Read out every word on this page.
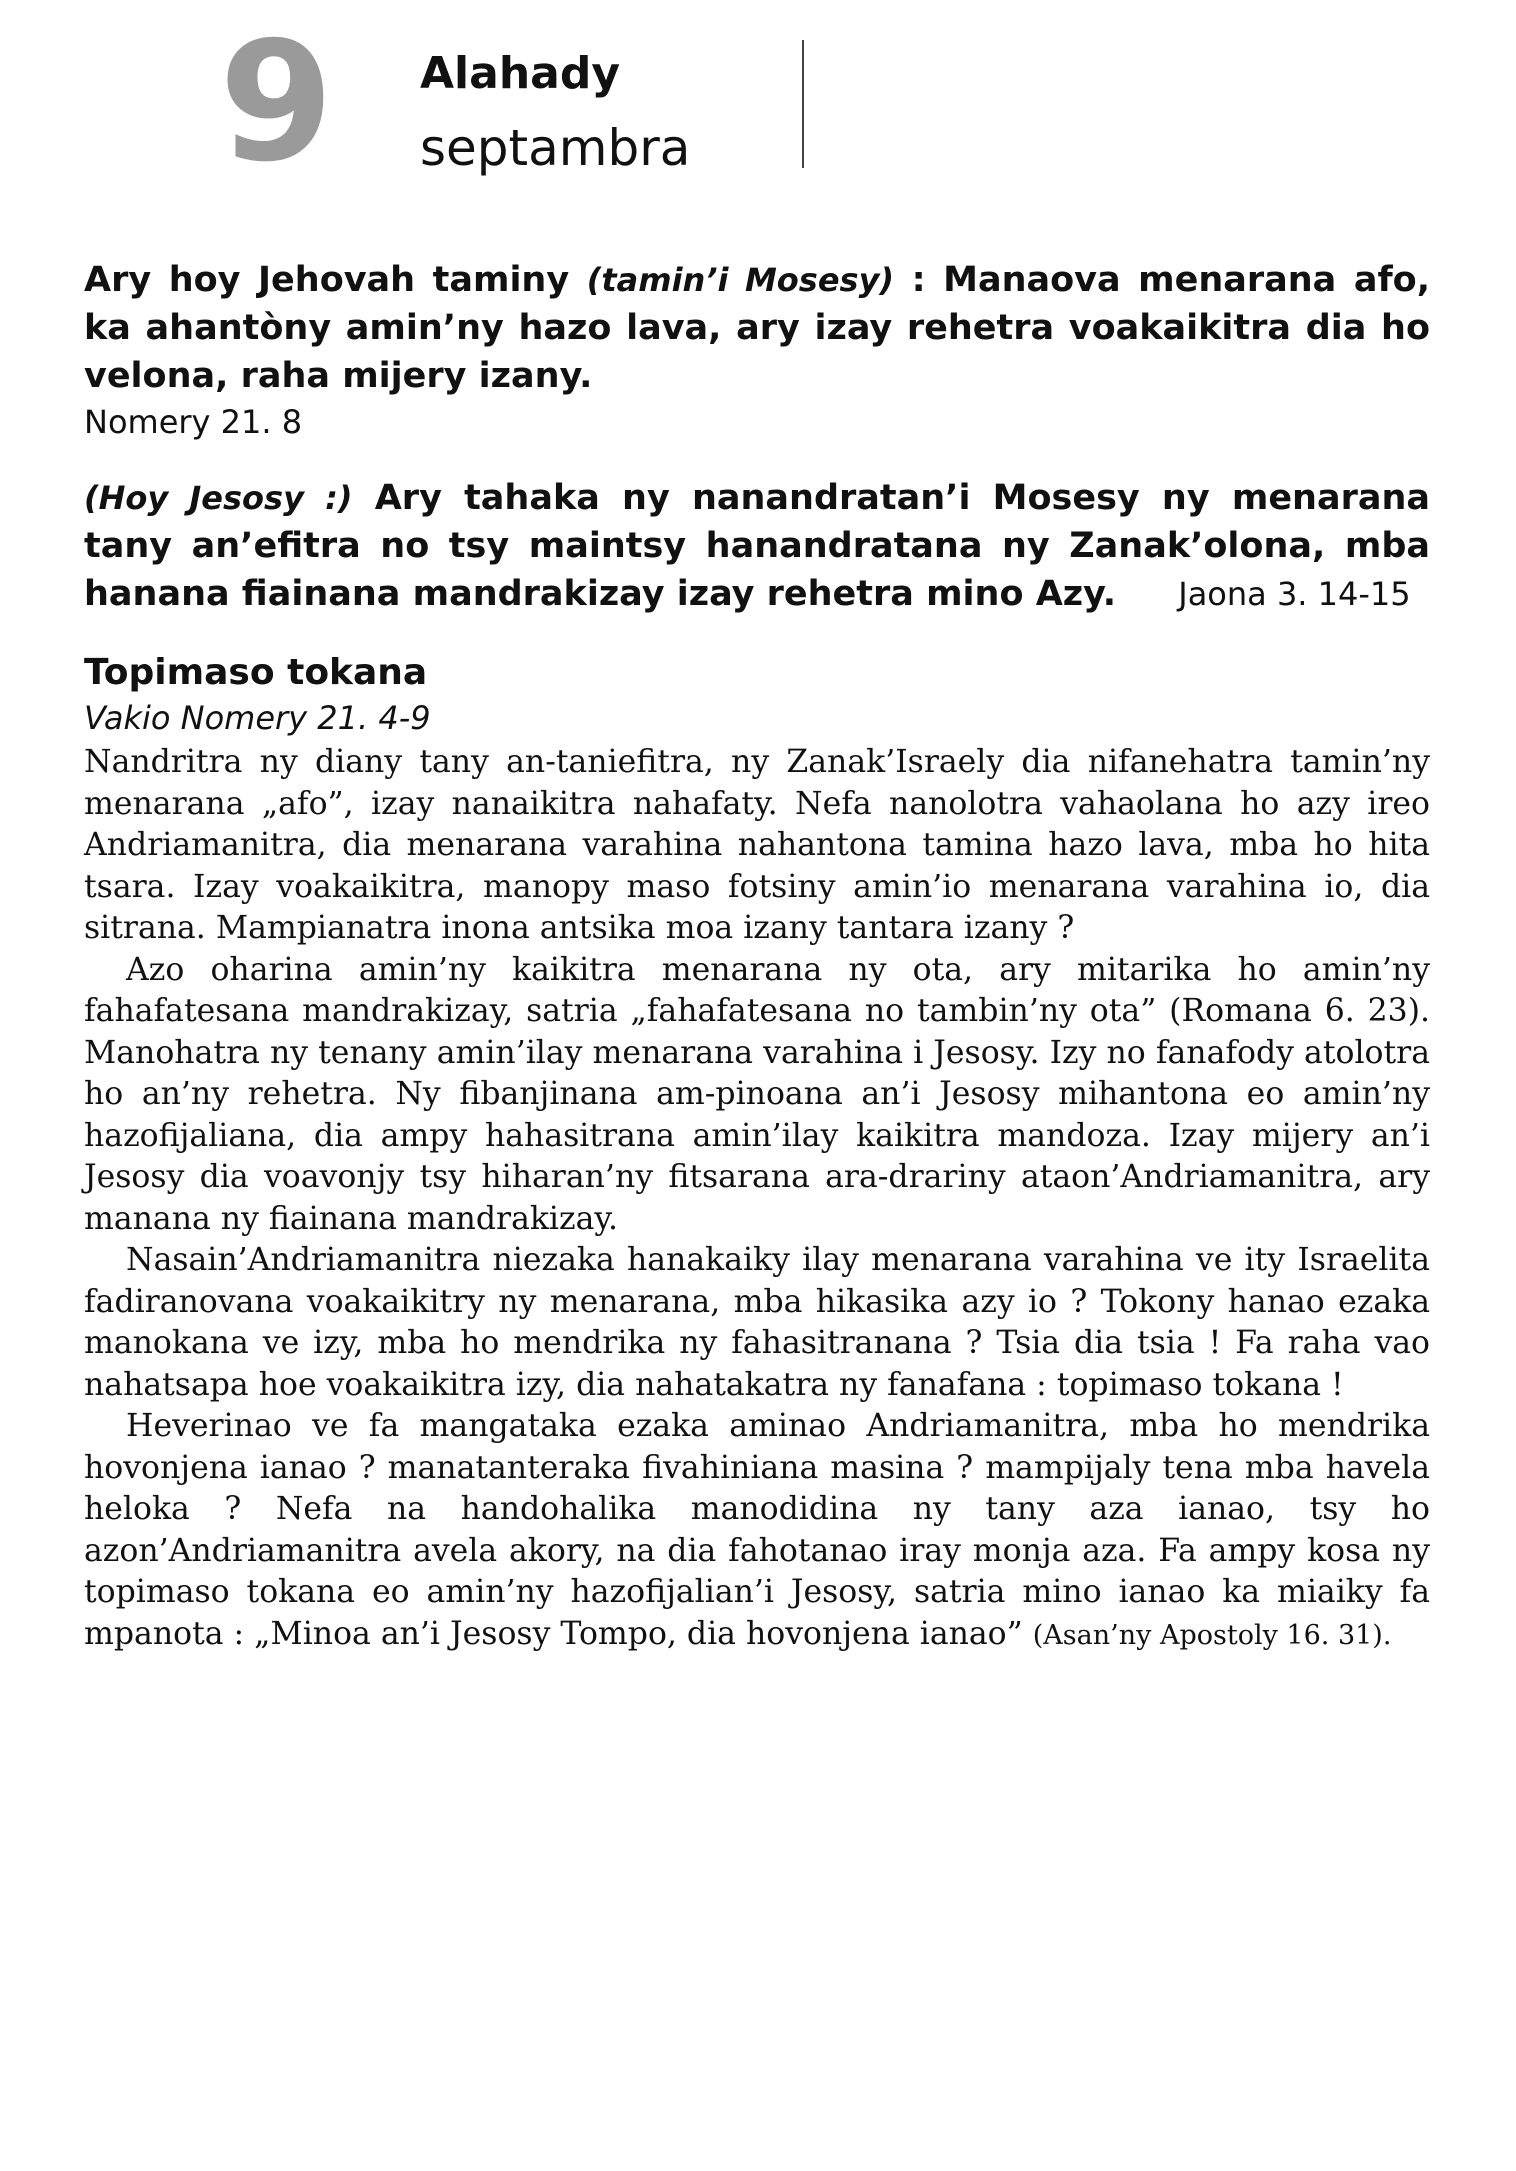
9 Alahady
septambra
Ary hoy Jehovah taminy (tamin’i Mosesy) : Manaova menarana afo, ka ahantòny amin’ny hazo lava, ary izay rehetra voakaikitra dia ho velona, raha mijery izany.
Nomery 21. 8
(Hoy Jesosy :) Ary tahaka ny nanandratan’i Mosesy ny menarana tany an’efitra no tsy maintsy hanandratana ny Zanak’olona, mba hanana fiainana mandrakizay izay rehetra mino Azy. Jaona 3. 14-15
Topimaso tokana
Vakio Nomery 21. 4-9

Nandritra ny diany tany an-taniefitra, ny Zanak’Israely dia nifanehatra tamin’ny menarana „afo”, izay nanaikitra nahafaty. Nefa nanolotra vahaolana ho azy ireo Andriamanitra, dia menarana varahina nahantona tamina hazo lava, mba ho hita tsara. Izay voakaikitra, manopy maso fotsiny amin’io menarana varahina io, dia sitrana. Mampianatra inona antsika moa izany tantara izany ?

Azo oharina amin’ny kaikitra menarana ny ota, ary mitarika ho amin’ny fahafatesana mandrakizay, satria „fahafatesana no tambin’ny ota” (Romana 6. 23). Manohatra ny tenany amin’ilay menarana varahina i Jesosy. Izy no fanafody atolotra ho an’ny rehetra. Ny fibanjinana am-pinoana an’i Jesosy mihantona eo amin’ny hazofijaliana, dia ampy hahasitrana amin’ilay kaikitra mandoza. Izay mijery an’i Jesosy dia voavonjy tsy hiharan’ny fitsarana ara-drariny ataon’Andriamanitra, ary manana ny fiainana mandrakizay.

Nasain’Andriamanitra niezaka hanakaiky ilay menarana varahina ve ity Israelita fadiranovana voakaikitry ny menarana, mba hikasika azy io ? Tokony hanao ezaka manokana ve izy, mba ho mendrika ny fahasitranana ? Tsia dia tsia ! Fa raha vao nahatsapa hoe voakaikitra izy, dia nahatakatra ny fanafana : topimaso tokana !

Heverinao ve fa mangataka ezaka aminao Andriamanitra, mba ho mendrika hovonjena ianao ? manatanteraka fivahiniana masina ? mampijaly tena mba havela heloka ? Nefa na handohalika manodidina ny tany aza ianao, tsy ho azon’Andriamanitra avela akory, na dia fahotanao iray monja aza. Fa ampy kosa ny topimaso tokana eo amin’ny hazofijalian’i Jesosy, satria mino ianao ka miaiky fa mpanota : „Minoa an’i Jesosy Tompo, dia hovonjena ianao” (Asan’ny Apostoly 16. 31).
